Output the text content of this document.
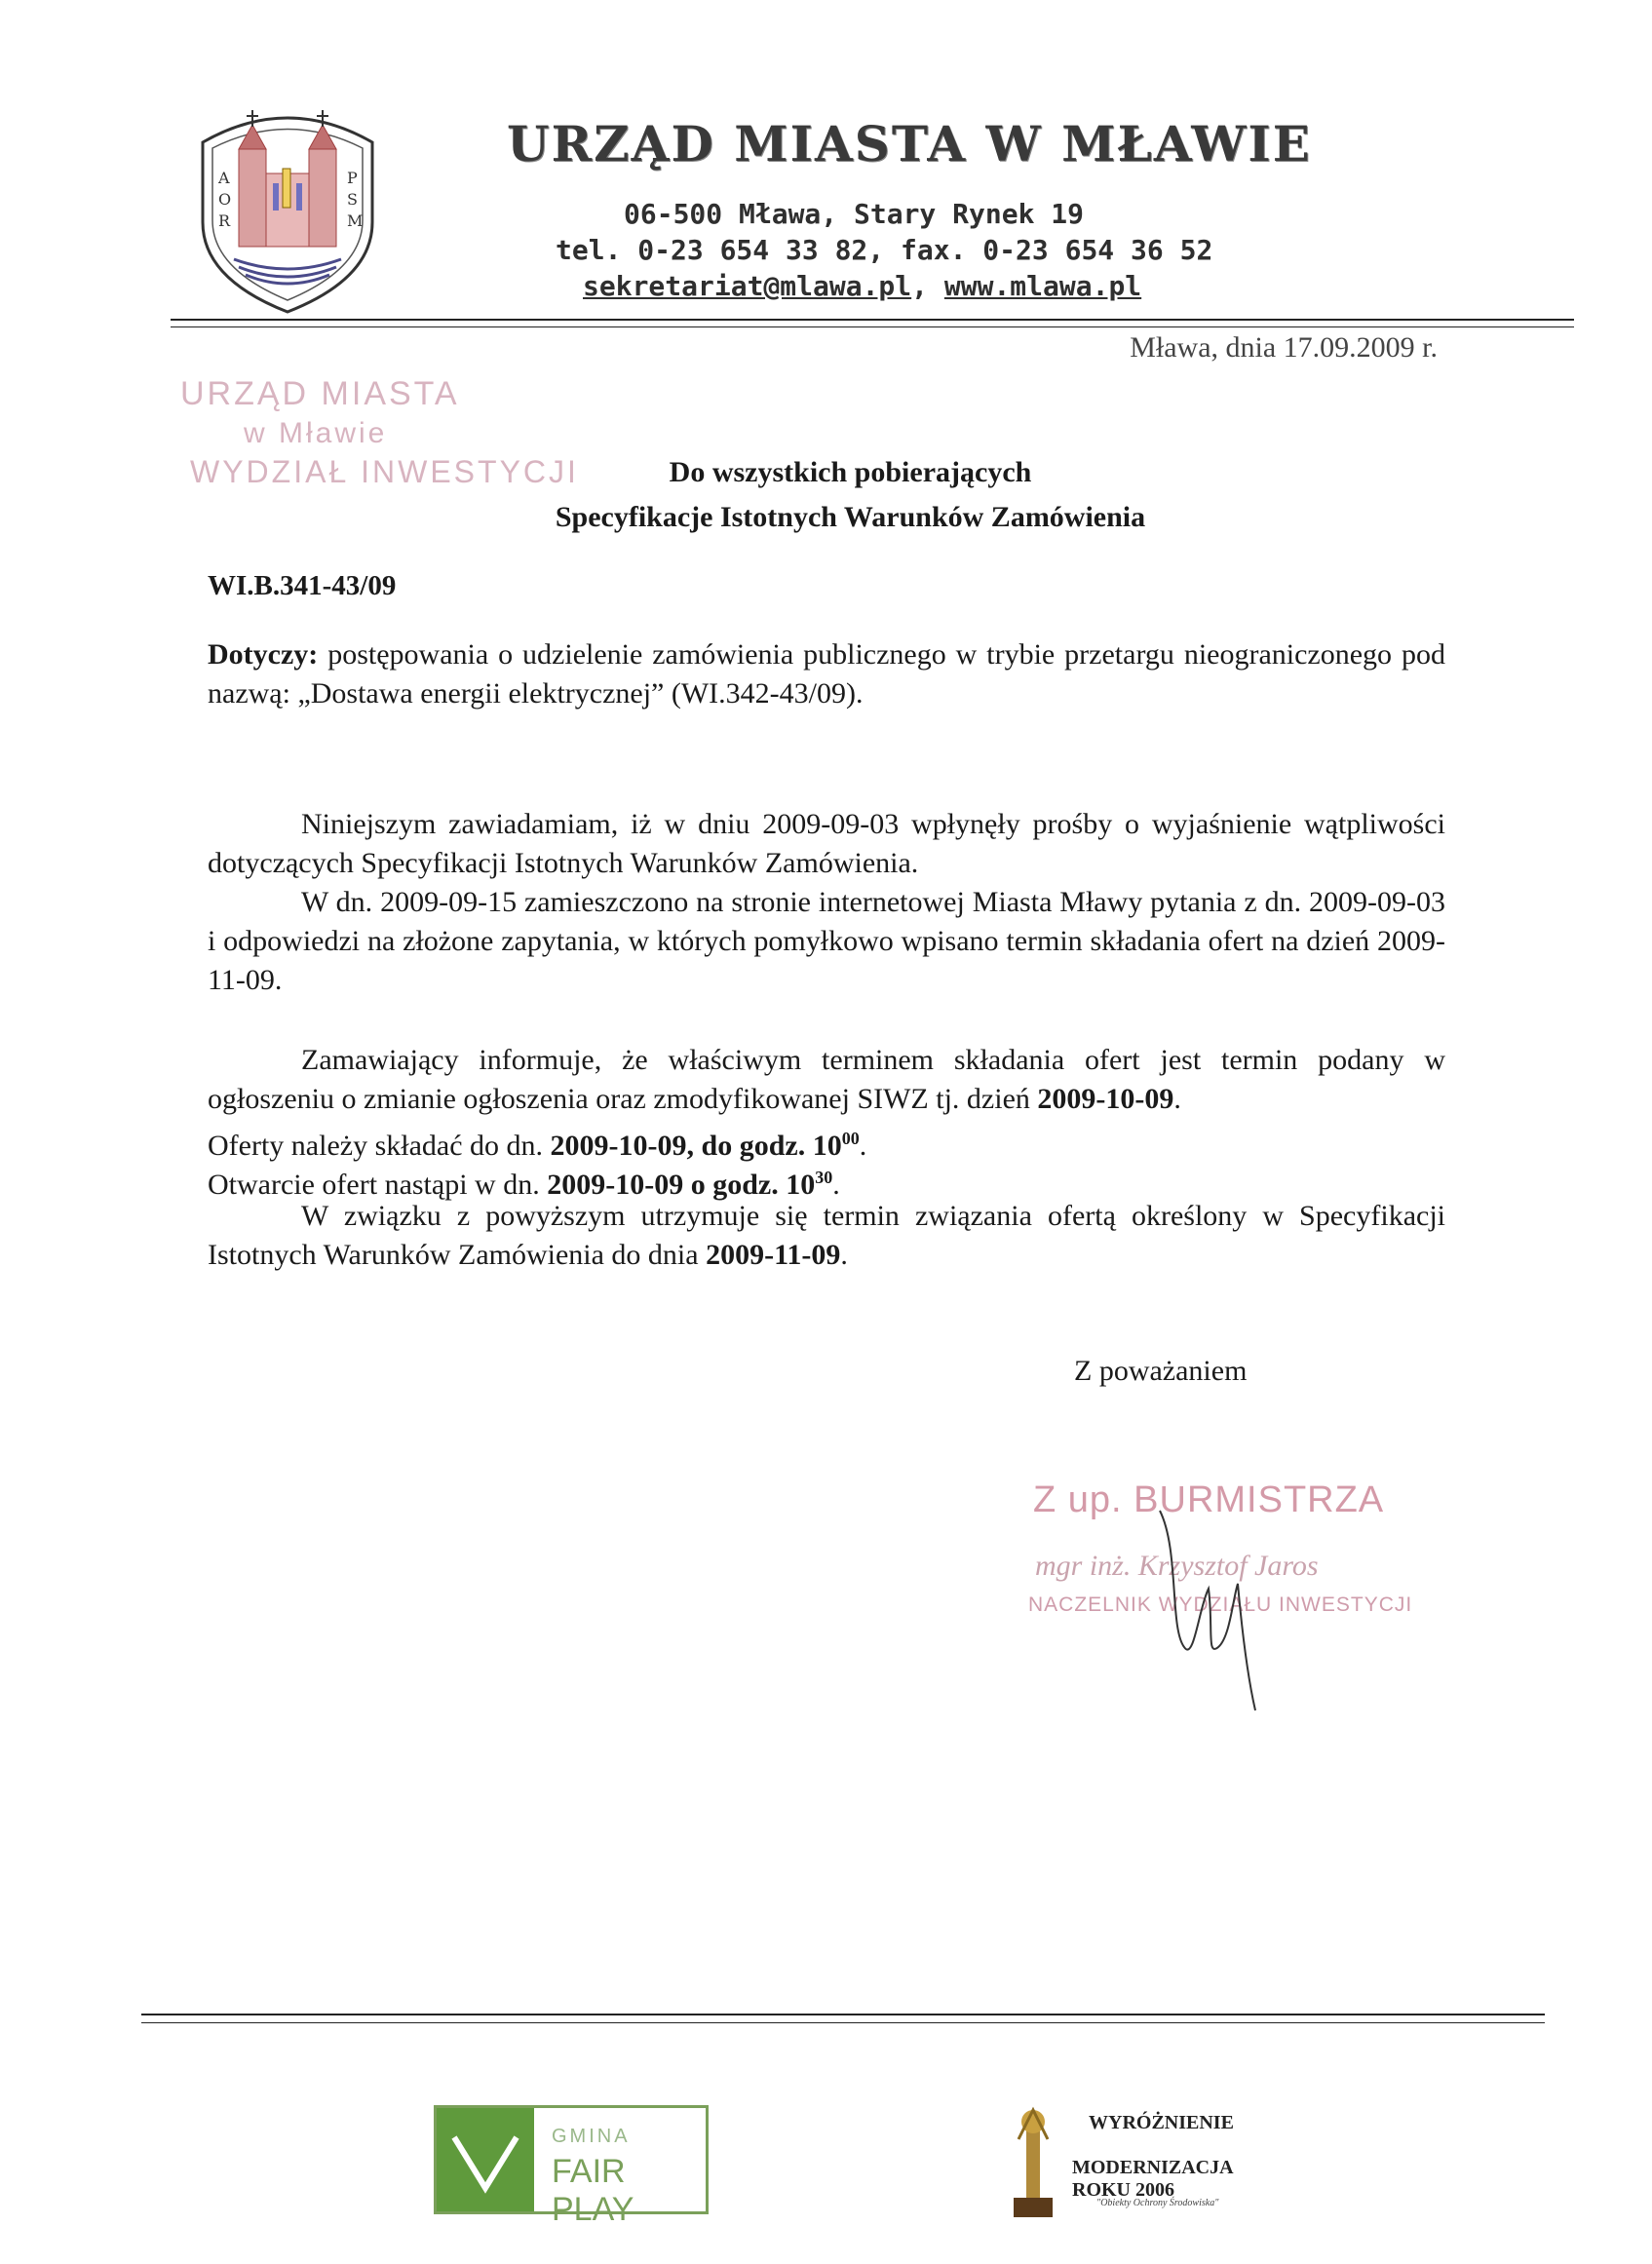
A
O
R
P
S
M
URZĄD MIASTA W MŁAWIE
06-500 Mława, Stary Rynek 19
tel. 0-23 654 33 82, fax. 0-23 654 36 52
sekretariat@mlawa.pl, www.mlawa.pl
Mława, dnia 17.09.2009 r.
URZĄD MIASTA
w Mławie
WYDZIAŁ INWESTYCJI	Do wszystkich pobierających
Specyfikacje Istotnych Warunków Zamówienia
WI.B.341-43/09
Dotyczy: postępowania o udzielenie zamówienia publicznego w trybie przetargu nieograniczonego pod nazwą: „Dostawa energii elektrycznej” (WI.342-43/09).
Niniejszym zawiadamiam, iż w dniu 2009-09-03 wpłynęły prośby o wyjaśnienie wątpliwości dotyczących Specyfikacji Istotnych Warunków Zamówienia.
W dn. 2009-09-15 zamieszczono na stronie internetowej Miasta Mławy pytania z dn. 2009-09-03 i odpowiedzi na złożone zapytania, w których pomyłkowo wpisano termin składania ofert na dzień 2009-11-09.
Zamawiający informuje, że właściwym terminem składania ofert jest termin podany w ogłoszeniu o zmianie ogłoszenia oraz zmodyfikowanej SIWZ tj. dzień 2009-10-09.
Oferty należy składać do dn. 2009-10-09, do godz. $10^{00}$.
Otwarcie ofert nastąpi w dn. 2009-10-09 o godz. $10^{30}$.
W związku z powyższym utrzymuje się termin związania ofertą określony w Specyfikacji Istotnych Warunków Zamówienia do dnia 2009-11-09.
Z poważaniem
Z up. BURMISTRZA
mgr inż. Krzysztof Jaros
NACZELNIK WYDZIAŁU INWESTYCJI
GMINA
FAIR PLAY
WYRÓŻNIENIE
MODERNIZACJA ROKU 2006
"Obiekty Ochrony Środowiska"
